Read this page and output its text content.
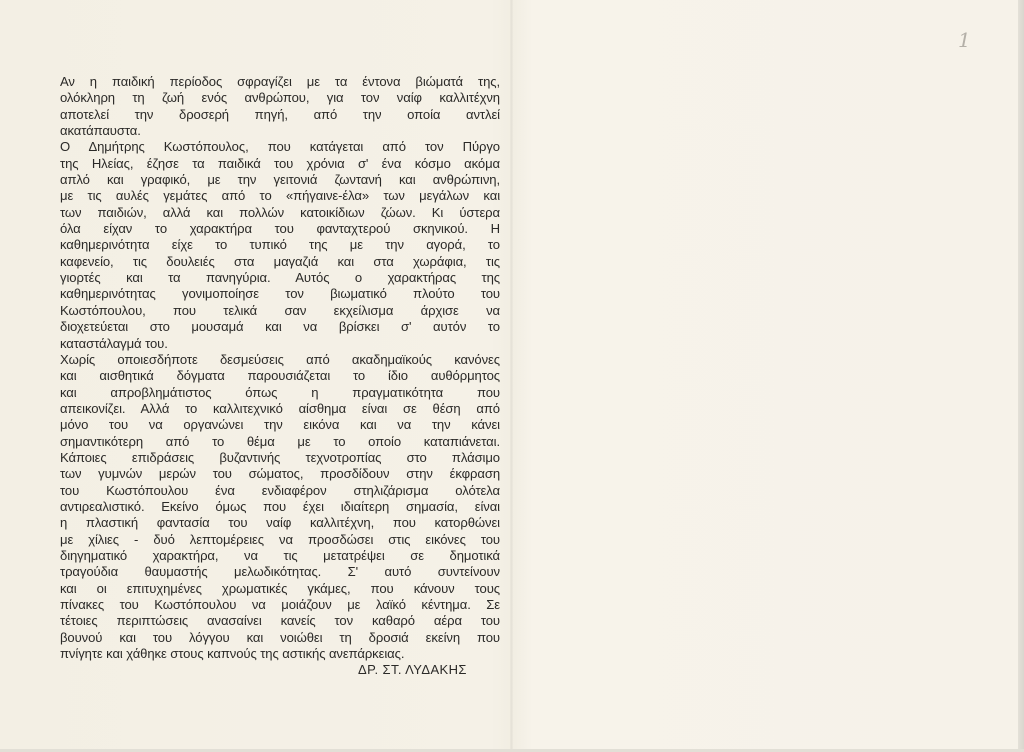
1
Αν η παιδική περίοδος σφραγίζει με τα έντονα βιώματά της,
ολόκληρη τη ζωή ενός ανθρώπου, για τον ναίφ καλλιτέχνη
αποτελεί την δροσερή πηγή, από την οποία αντλεί
ακατάπαυστα.
Ο Δημήτρης Κωστόπουλος, που κατάγεται από τον Πύργο
της Ηλείας, έζησε τα παιδικά του χρόνια σ' ένα κόσμο ακόμα
απλό και γραφικό, με την γειτονιά ζωντανή και ανθρώπινη,
με τις αυλές γεμάτες από το «πήγαινε-έλα» των μεγάλων και
των παιδιών, αλλά και πολλών κατοικίδιων ζώων. Κι ύστερα
όλα είχαν το χαρακτήρα του φανταχτερού σκηνικού. Η
καθημερινότητα είχε το τυπικό της με την αγορά, το
καφενείο, τις δουλειές στα μαγαζιά και στα χωράφια, τις
γιορτές και τα πανηγύρια. Αυτός ο χαρακτήρας της
καθημερινότητας γονιμοποίησε τον βιωματικό πλούτο του
Κωστόπουλου, που τελικά σαν εκχείλισμα άρχισε να
διοχετεύεται στο μουσαμά και να βρίσκει σ' αυτόν το
καταστάλαγμά του.
Χωρίς οποιεσδήποτε δεσμεύσεις από ακαδημαϊκούς κανόνες
και αισθητικά δόγματα παρουσιάζεται το ίδιο αυθόρμητος
και απροβλημάτιστος όπως η πραγματικότητα που
απεικονίζει. Αλλά το καλλιτεχνικό αίσθημα είναι σε θέση από
μόνο του να οργανώνει την εικόνα και να την κάνει
σημαντικότερη από το θέμα με το οποίο καταπιάνεται.
Κάποιες επιδράσεις βυζαντινής τεχνοτροπίας στο πλάσιμο
των γυμνών μερών του σώματος, προσδίδουν στην έκφραση
του Κωστόπουλου ένα ενδιαφέρον στηλιζάρισμα ολότελα
αντιρεαλιστικό. Εκείνο όμως που έχει ιδιαίτερη σημασία, είναι
η πλαστική φαντασία του ναίφ καλλιτέχνη, που κατορθώνει
με χίλιες - δυό λεπτομέρειες να προσδώσει στις εικόνες του
διηγηματικό χαρακτήρα, να τις μετατρέψει σε δημοτικά
τραγούδια θαυμαστής μελωδικότητας. Σ' αυτό συντείνουν
και οι επιτυχημένες χρωματικές γκάμες, που κάνουν τους
πίνακες του Κωστόπουλου να μοιάζουν με λαϊκό κέντημα. Σε
τέτοιες περιπτώσεις ανασαίνει κανείς τον καθαρό αέρα του
βουνού και του λόγγου και νοιώθει τη δροσιά εκείνη που
πνίγητε και χάθηκε στους καπνούς της αστικής ανεπάρκειας.
ΔΡ. ΣΤ. ΛΥΔΑΚΗΣ
